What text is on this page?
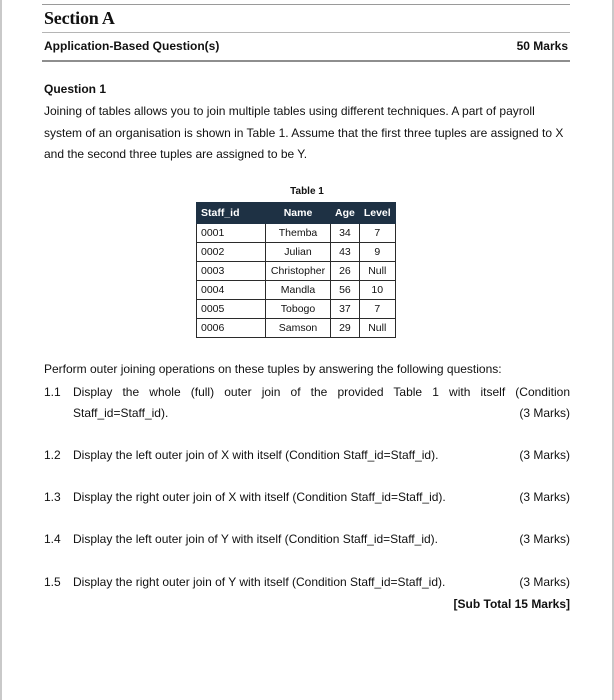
Section A
Application-Based Question(s)	50 Marks
Question 1
Joining of tables allows you to join multiple tables using different techniques. A part of payroll system of an organisation is shown in Table 1. Assume that the first three tuples are assigned to X and the second three tuples are assigned to be Y.
Table 1
Staff_id	Name	Age	Level
0001	Themba	34	7
0002	Julian	43	9
0003	Christopher	26	Null
0004	Mandla	56	10
0005	Tobogo	37	7
0006	Samson	29	Null
Perform outer joining operations on these tuples by answering the following questions:
1.1 Display the whole (full) outer join of the provided Table 1 with itself (Condition
Staff_id=Staff_id).	(3 Marks)
1.2 Display the left outer join of X with itself (Condition Staff_id=Staff_id).	(3 Marks)
1.3 Display the right outer join of X with itself (Condition Staff_id=Staff_id).	(3 Marks)
1.4 Display the left outer join of Y with itself (Condition Staff_id=Staff_id).	(3 Marks)
1.5 Display the right outer join of Y with itself (Condition Staff_id=Staff_id).	(3 Marks)
[Sub Total 15 Marks]
